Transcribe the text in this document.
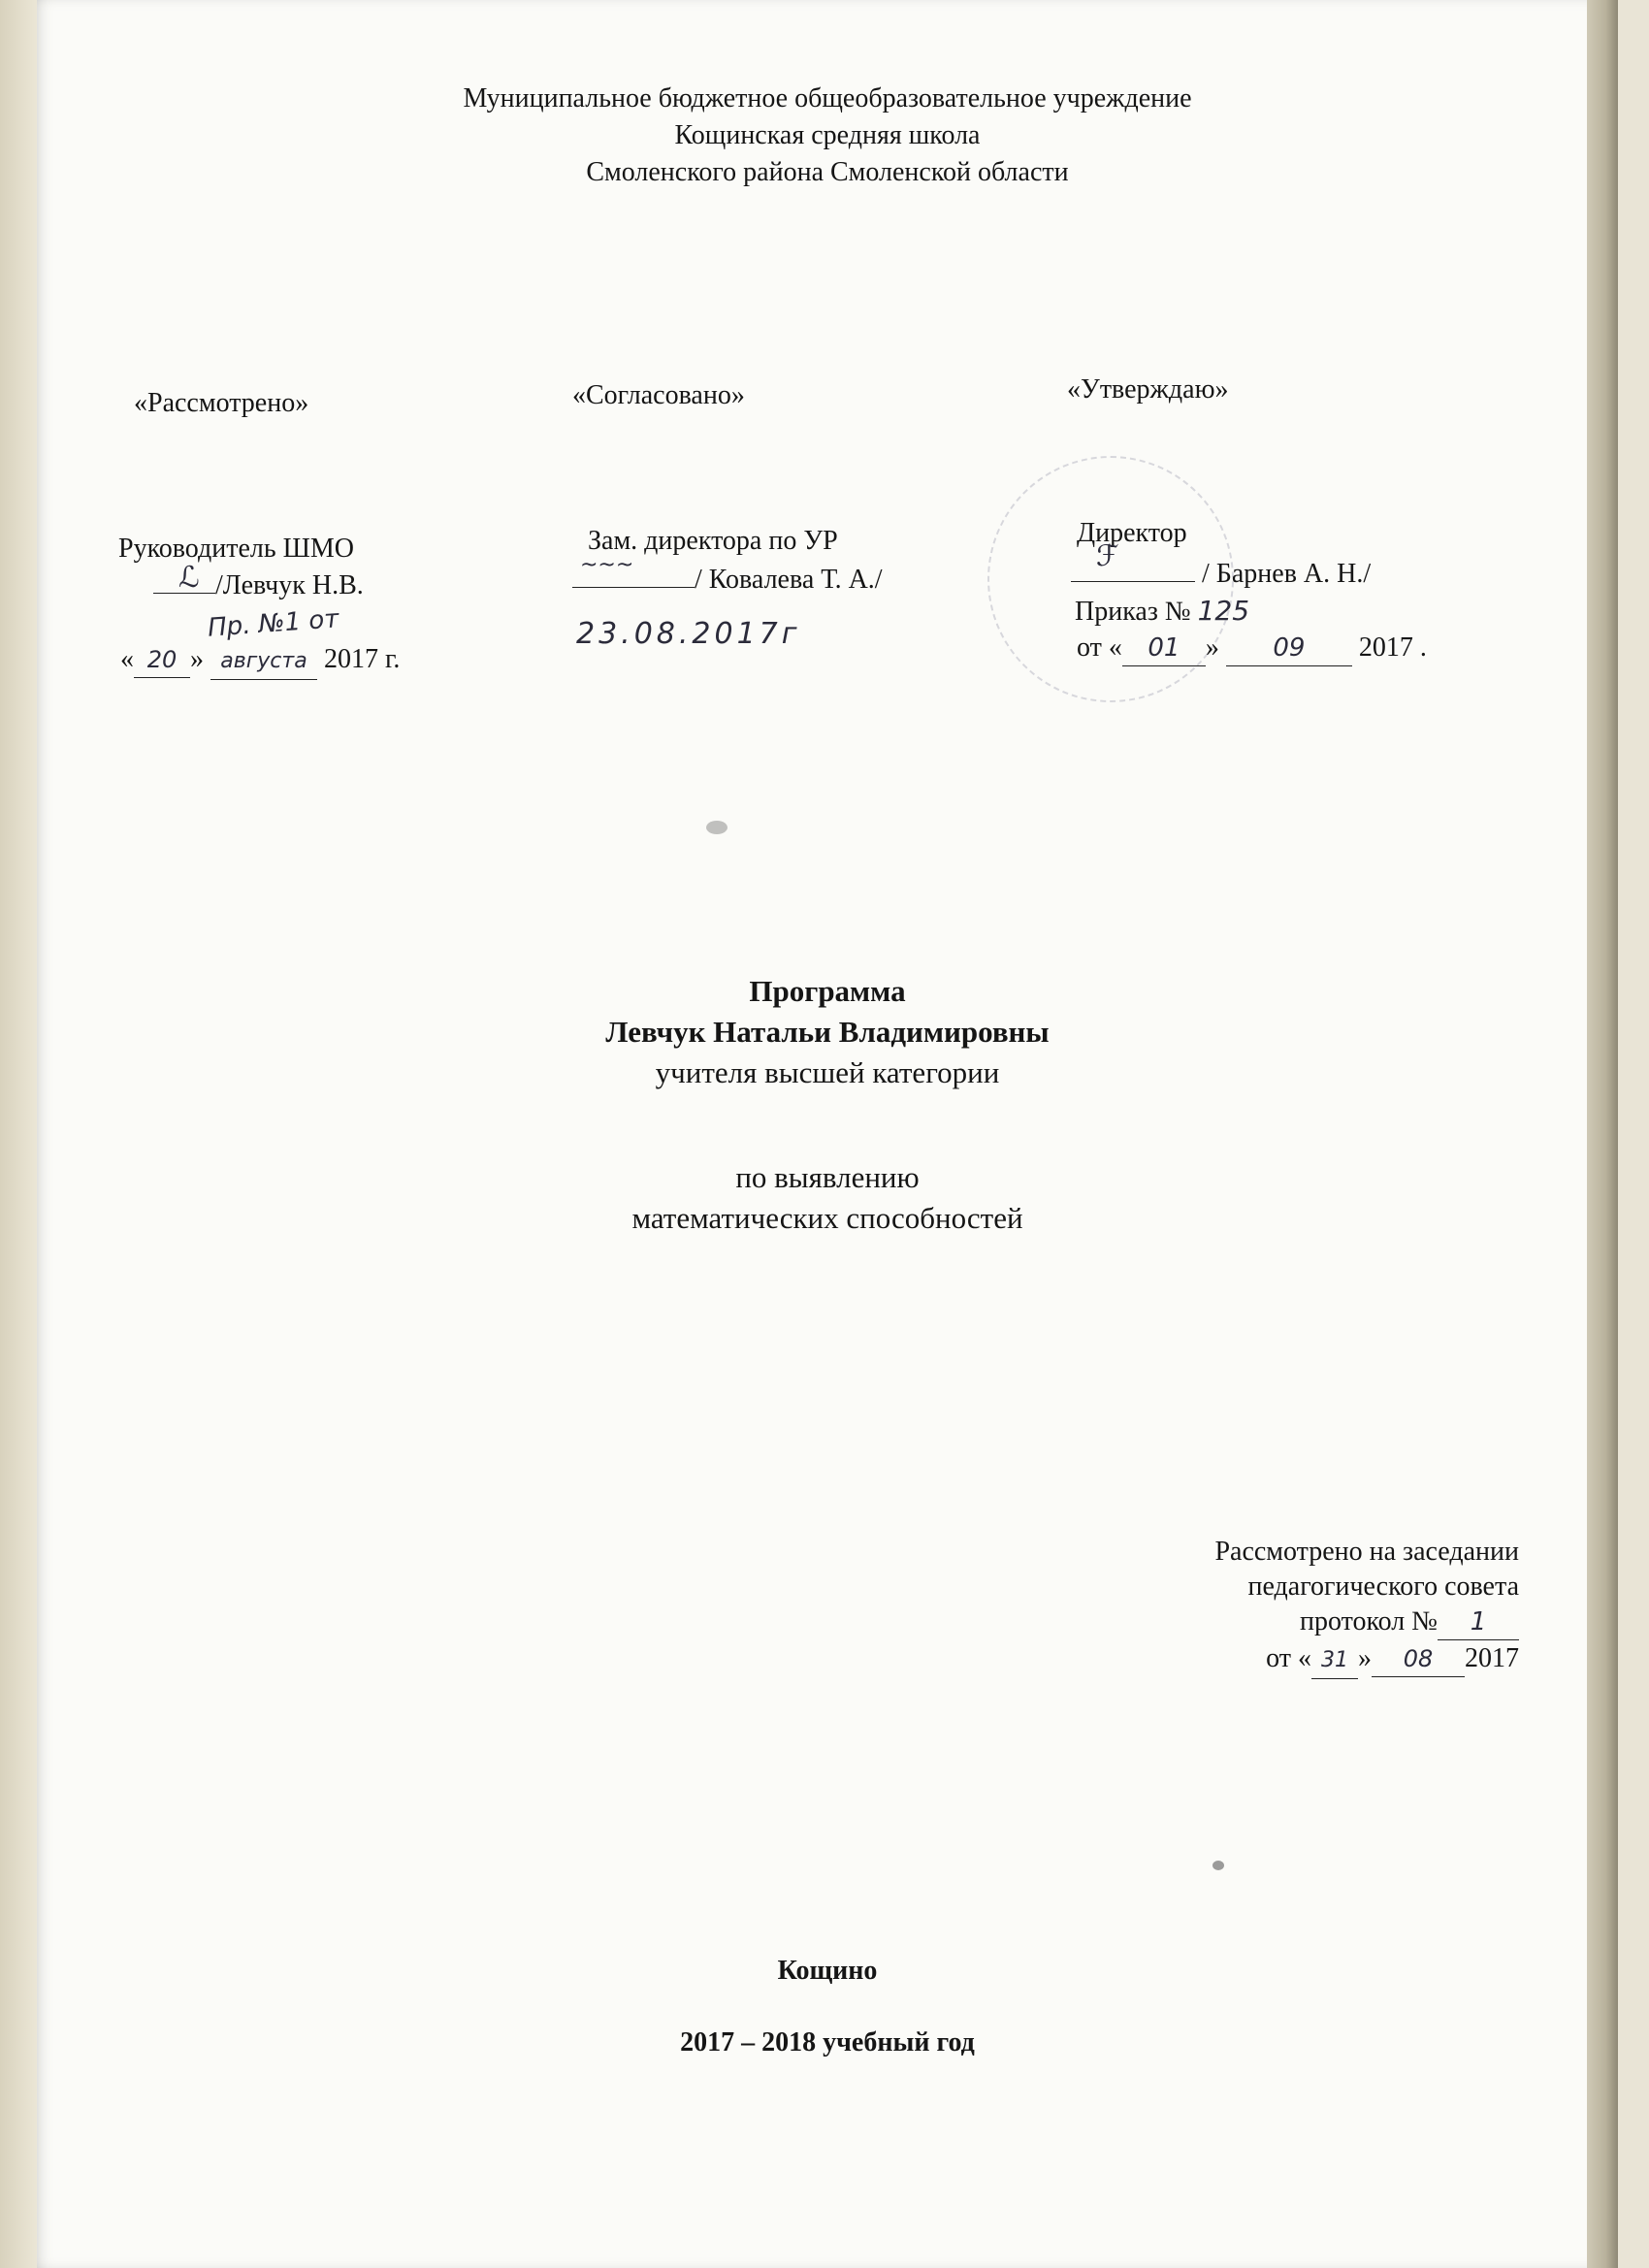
Муниципальное бюджетное общеобразовательное учреждение
Кощинская средняя школа
Смоленского района Смоленской области
«Рассмотрено»	«Согласовано»	«Утверждаю»
Руководитель ШМО
/Левчук Н.В.
ℒ
Пр. №1 от
« 20 » августа 2017 г.
Зам. директора по УР
/ Ковалева Т. А./
~~~
23.08.2017г
Директор
/ Барнев А. Н./
ℱ
Приказ № 125
от « 01 » 09 2017 .
Программа
Левчук Натальи Владимировны
учителя высшей категории
по выявлению
математических способностей
Рассмотрено на заседании
педагогического совета
протокол № 1
от « 31 » 08 2017
Кощино
2017 – 2018 учебный год
